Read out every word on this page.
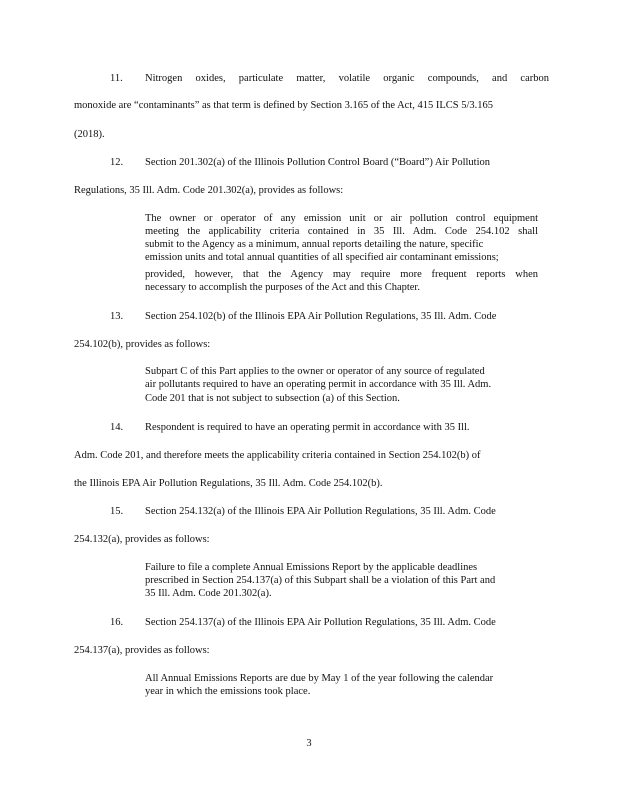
11. Nitrogen oxides, particulate matter, volatile organic compounds, and carbon
monoxide are “contaminants” as that term is defined by Section 3.165 of the Act, 415 ILCS 5/3.165
(2018).
12. Section 201.302(a) of the Illinois Pollution Control Board (“Board”) Air Pollution
Regulations, 35 Ill. Adm. Code 201.302(a), provides as follows:
The owner or operator of any emission unit or air pollution control equipment
meeting the applicability criteria contained in 35 Ill. Adm. Code 254.102 shall
submit to the Agency as a minimum, annual reports detailing the nature, specific
emission units and total annual quantities of all specified air contaminant emissions;
provided, however, that the Agency may require more frequent reports when
necessary to accomplish the purposes of the Act and this Chapter.
13. Section 254.102(b) of the Illinois EPA Air Pollution Regulations, 35 Ill. Adm. Code
254.102(b), provides as follows:
Subpart C of this Part applies to the owner or operator of any source of regulated
air pollutants required to have an operating permit in accordance with 35 Ill. Adm.
Code 201 that is not subject to subsection (a) of this Section.
14. Respondent is required to have an operating permit in accordance with 35 Ill.
Adm. Code 201, and therefore meets the applicability criteria contained in Section 254.102(b) of
the Illinois EPA Air Pollution Regulations, 35 Ill. Adm. Code 254.102(b).
15. Section 254.132(a) of the Illinois EPA Air Pollution Regulations, 35 Ill. Adm. Code
254.132(a), provides as follows:
Failure to file a complete Annual Emissions Report by the applicable deadlines
prescribed in Section 254.137(a) of this Subpart shall be a violation of this Part and
35 Ill. Adm. Code 201.302(a).
16. Section 254.137(a) of the Illinois EPA Air Pollution Regulations, 35 Ill. Adm. Code
254.137(a), provides as follows:
All Annual Emissions Reports are due by May 1 of the year following the calendar
year in which the emissions took place.
3
